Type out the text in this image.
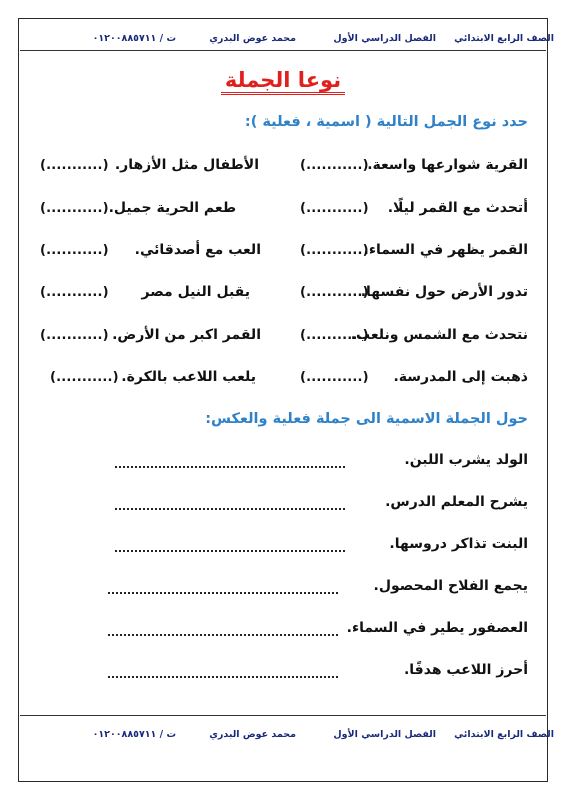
الصف الرابع الابتدائي
الفصل الدراسي الأول
محمد عوض البدري
ت / ٠١٢٠٠٨٨٥٧١١
نوعا الجملة
حدد نوع الجمل التالية ( اسمية ، فعلية ):
القرية شوارعها واسعة.
(...........)
الأطفال مثل الأزهار.
(...........)
أتحدث مع القمر ليلًا.
(...........)
طعم الحرية جميل.
(...........)
القمر يظهر في السماء.
(...........)
العب مع أصدقائي.
(...........)
تدور الأرض حول نفسها.
(...........)
يقبل النيل مصر
(...........)
نتحدث مع الشمس ونلعب.
(...........)
القمر اكبر من الأرض.
(...........)
ذهبت إلى المدرسة.
(...........)
يلعب اللاعب بالكرة.
(...........)
حول الجملة الاسمية الى جملة فعلية والعكس:
الولد يشرب اللبن.
يشرح المعلم الدرس.
البنت تذاكر دروسها.
يجمع الفلاح المحصول.
العصفور يطير في السماء.
أحرز اللاعب هدفًا.
الصف الرابع الابتدائي
الفصل الدراسي الأول
محمد عوض البدري
ت / ٠١٢٠٠٨٨٥٧١١
